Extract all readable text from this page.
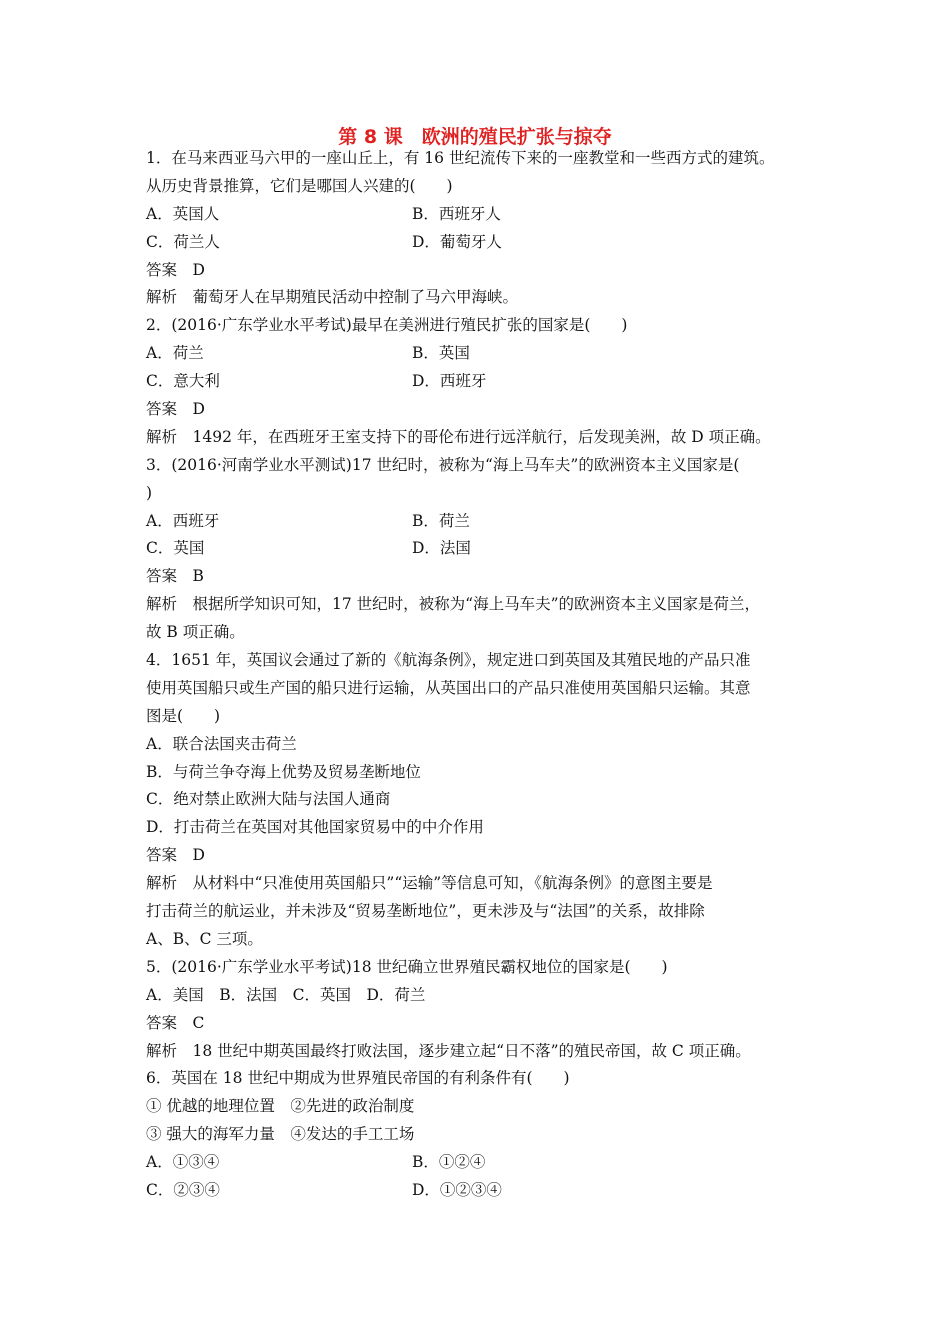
第 8 课　欧洲的殖民扩张与掠夺
1．在马来西亚马六甲的一座山丘上，有 16 世纪流传下来的一座教堂和一些西方式的建筑。
从历史背景推算，它们是哪国人兴建的(　　)
A．英国人	B．西班牙人
C．荷兰人	D．葡萄牙人
答案　D
解析　葡萄牙人在早期殖民活动中控制了马六甲海峡。
2．(2016·广东学业水平考试)最早在美洲进行殖民扩张的国家是(　　)
A．荷兰	B．英国
C．意大利	D．西班牙
答案　D
解析　1492 年，在西班牙王室支持下的哥伦布进行远洋航行，后发现美洲，故 D 项正确。
3．(2016·河南学业水平测试)17 世纪时，被称为“海上马车夫”的欧洲资本主义国家是(
)
A．西班牙	B．荷兰
C．英国	D．法国
答案　B
解析　根据所学知识可知，17 世纪时，被称为“海上马车夫”的欧洲资本主义国家是荷兰，
故 B 项正确。
4．1651 年，英国议会通过了新的《航海条例》，规定进口到英国及其殖民地的产品只准
使用英国船只或生产国的船只进行运输，从英国出口的产品只准使用英国船只运输。其意
图是(　　)
A．联合法国夹击荷兰
B．与荷兰争夺海上优势及贸易垄断地位
C．绝对禁止欧洲大陆与法国人通商
D．打击荷兰在英国对其他国家贸易中的中介作用
答案　D
解析　从材料中“只准使用英国船只”“运输”等信息可知，《航海条例》的意图主要是
打击荷兰的航运业，并未涉及“贸易垄断地位”，更未涉及与“法国”的关系，故排除
A、B、C 三项。
5．(2016·广东学业水平考试)18 世纪确立世界殖民霸权地位的国家是(　　)
A．美国　B．法国　C．英国　D．荷兰
答案　C
解析　18 世纪中期英国最终打败法国，逐步建立起“日不落”的殖民帝国，故 C 项正确。
6．英国在 18 世纪中期成为世界殖民帝国的有利条件有(　　)
① 优越的地理位置　②先进的政治制度
③ 强大的海军力量　④发达的手工工场
A．①③④	B．①②④
C．②③④	D．①②③④
